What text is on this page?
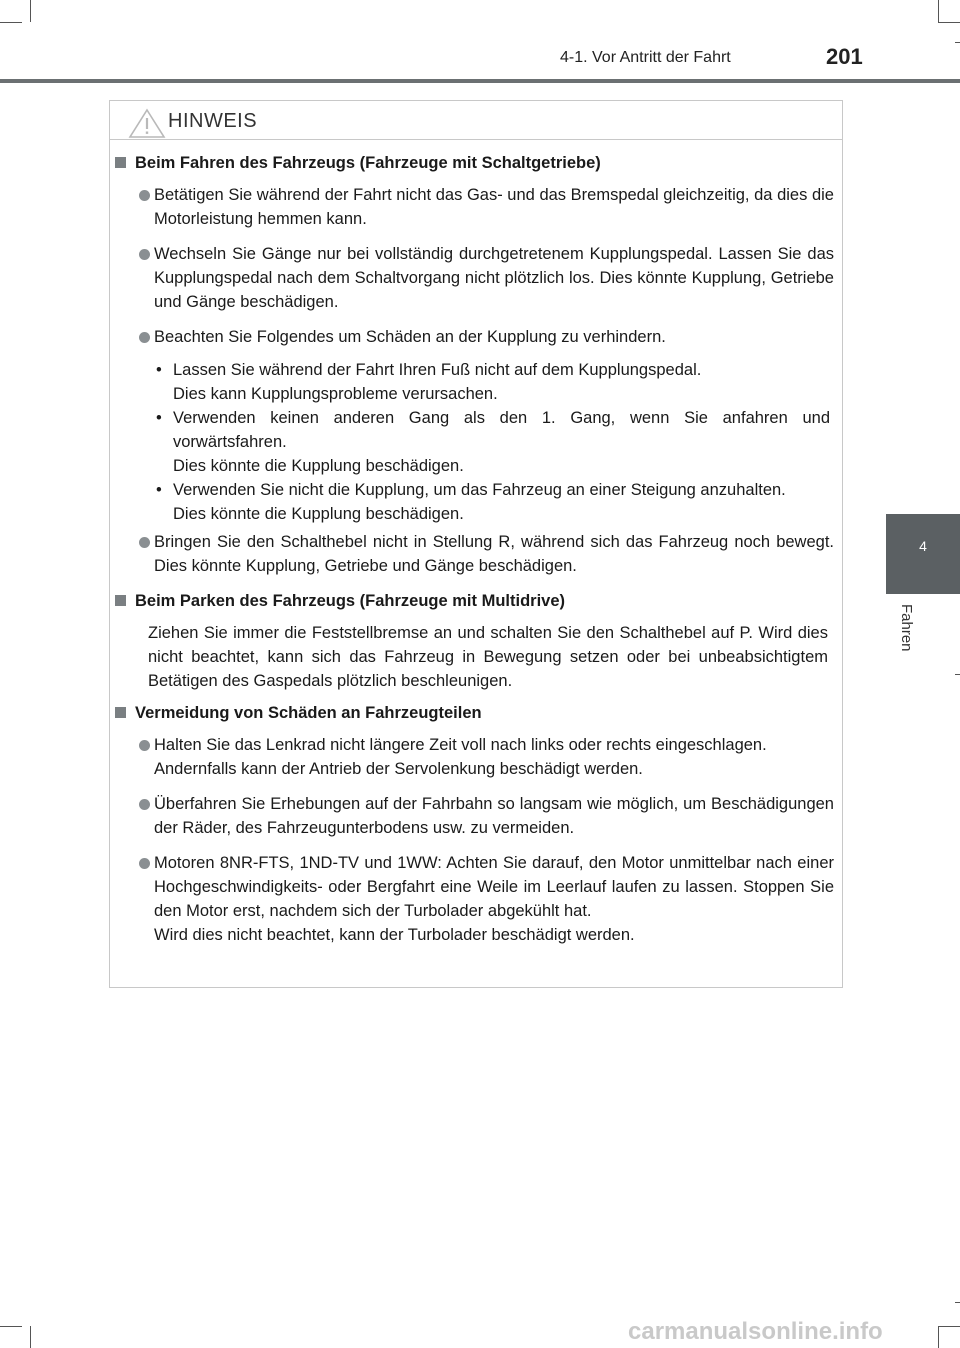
4-1. Vor Antritt der Fahrt	201
4
Fahren
HINWEIS
Beim Fahren des Fahrzeugs (Fahrzeuge mit Schaltgetriebe)
Betätigen Sie während der Fahrt nicht das Gas- und das Bremspedal gleichzeitig, da dies die Motorleistung hemmen kann.
Wechseln Sie Gänge nur bei vollständig durchgetretenem Kupplungspedal. Lassen Sie das Kupplungspedal nach dem Schaltvorgang nicht plötzlich los. Dies könnte Kupplung, Getriebe und Gänge beschädigen.
Beachten Sie Folgendes um Schäden an der Kupplung zu verhindern.
• Lassen Sie während der Fahrt Ihren Fuß nicht auf dem Kupplungspedal.
Dies kann Kupplungsprobleme verursachen.
• Verwenden keinen anderen Gang als den 1. Gang, wenn Sie anfahren und vorwärtsfahren.
Dies könnte die Kupplung beschädigen.
• Verwenden Sie nicht die Kupplung, um das Fahrzeug an einer Steigung anzuhalten.
Dies könnte die Kupplung beschädigen.
Bringen Sie den Schalthebel nicht in Stellung R, während sich das Fahrzeug noch bewegt. Dies könnte Kupplung, Getriebe und Gänge beschädigen.
Beim Parken des Fahrzeugs (Fahrzeuge mit Multidrive)
Ziehen Sie immer die Feststellbremse an und schalten Sie den Schalthebel auf P. Wird dies nicht beachtet, kann sich das Fahrzeug in Bewegung setzen oder bei unbeabsichtigtem Betätigen des Gaspedals plötzlich beschleunigen.
Vermeidung von Schäden an Fahrzeugteilen
Halten Sie das Lenkrad nicht längere Zeit voll nach links oder rechts eingeschlagen.
Andernfalls kann der Antrieb der Servolenkung beschädigt werden.
Überfahren Sie Erhebungen auf der Fahrbahn so langsam wie möglich, um Beschädigungen der Räder, des Fahrzeugunterbodens usw. zu vermeiden.
Motoren 8NR-FTS, 1ND-TV und 1WW: Achten Sie darauf, den Motor unmittelbar nach einer Hochgeschwindigkeits- oder Bergfahrt eine Weile im Leerlauf laufen zu lassen. Stoppen Sie den Motor erst, nachdem sich der Turbolader abgekühlt hat.
Wird dies nicht beachtet, kann der Turbolader beschädigt werden.
carmanualsonline.info
